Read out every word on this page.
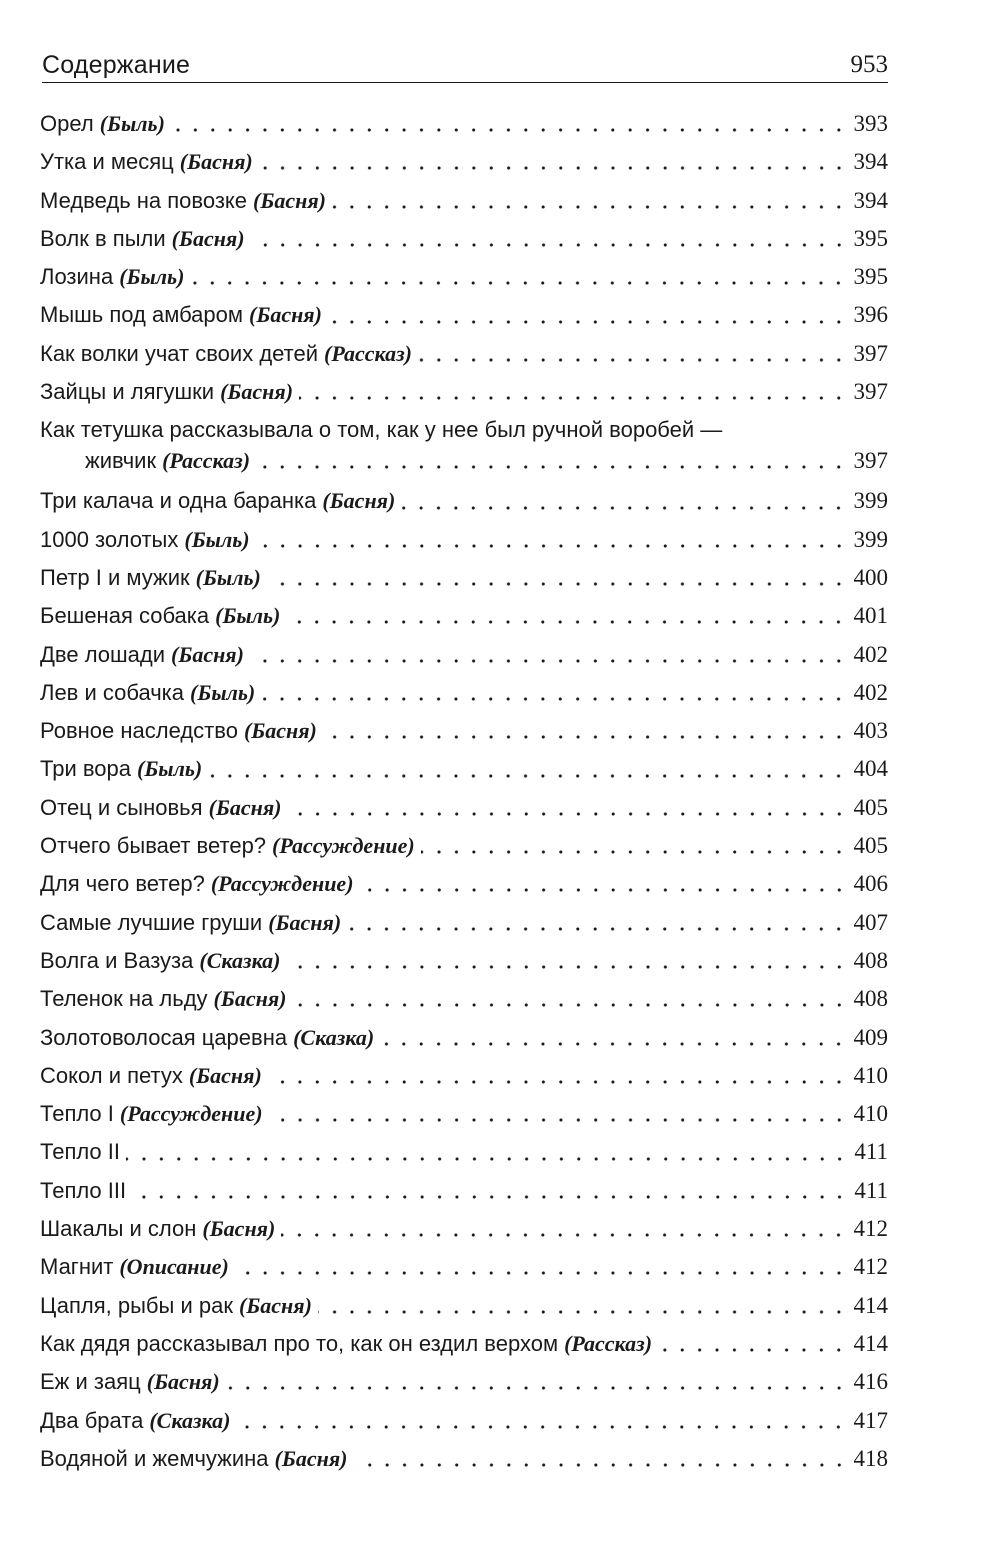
Содержание	953
Орел (Быль)	393
Утка и месяц (Басня)	394
Медведь на повозке (Басня)	394
Волк в пыли (Басня)	395
Лозина (Быль)	395
Мышь под амбаром (Басня)	396
Как волки учат своих детей (Рассказ)	397
Зайцы и лягушки (Басня)	397
Как тетушка рассказывала о том, как у нее был ручной воробей —
живчик (Рассказ)	397
Три калача и одна баранка (Басня)	399
1000 золотых (Быль)	399
Петр I и мужик (Быль)	400
Бешеная собака (Быль)	401
Две лошади (Басня)	402
Лев и собачка (Быль)	402
Ровное наследство (Басня)	403
Три вора (Быль)	404
Отец и сыновья (Басня)	405
Отчего бывает ветер? (Рассуждение)	405
Для чего ветер? (Рассуждение)	406
Самые лучшие груши (Басня)	407
Волга и Вазуза (Сказка)	408
Теленок на льду (Басня)	408
Золотоволосая царевна (Сказка)	409
Сокол и петух (Басня)	410
Тепло I (Рассуждение)	410
Тепло II	411
Тепло III	411
Шакалы и слон (Басня)	412
Магнит (Описание)	412
Цапля, рыбы и рак (Басня)	414
Как дядя рассказывал про то, как он ездил верхом (Рассказ)	414
Еж и заяц (Басня)	416
Два брата (Сказка)	417
Водяной и жемчужина (Басня)	418
